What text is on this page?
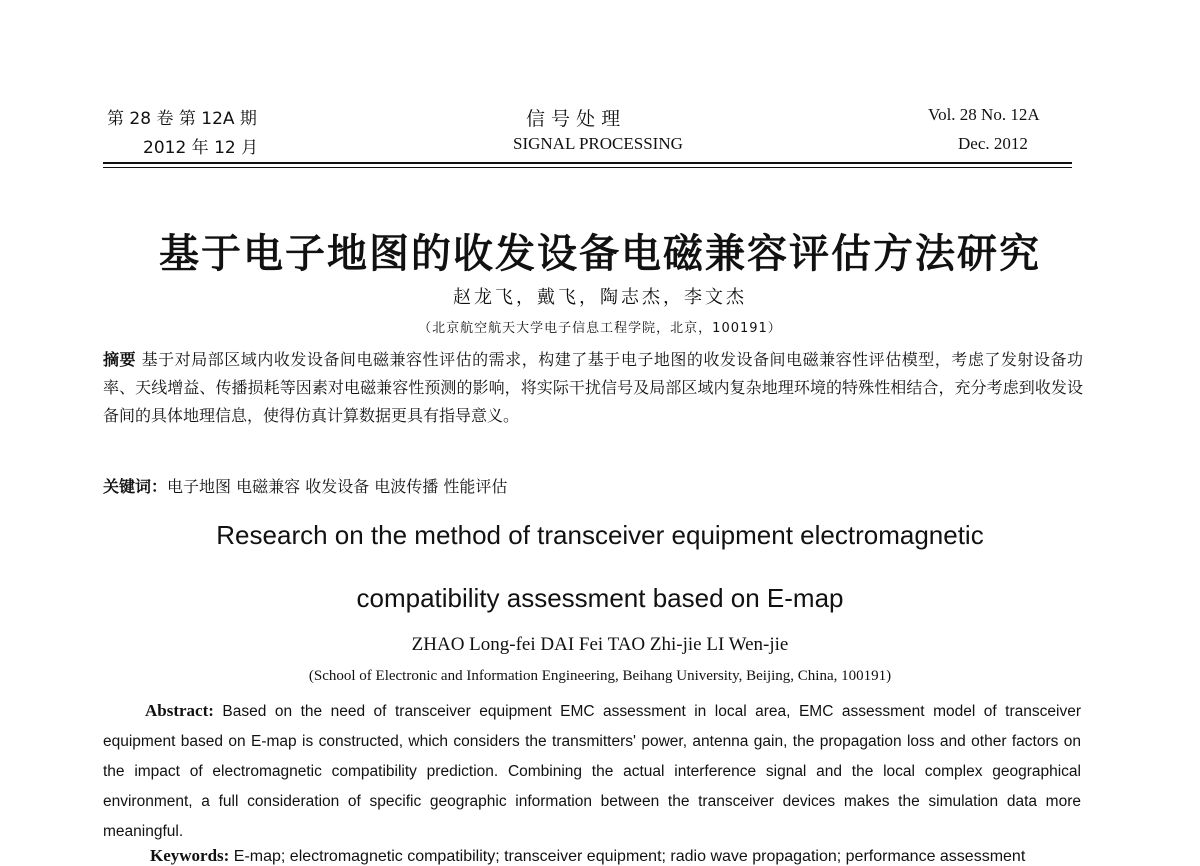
第 28 卷 第 12A 期
2012 年 12 月
信 号 处 理
SIGNAL PROCESSING
Vol. 28 No. 12A
Dec. 2012
基于电子地图的收发设备电磁兼容评估方法研究
赵龙飞，戴飞，陶志杰，李文杰
（北京航空航天大学电子信息工程学院，北京，100191）
摘要 基于对局部区域内收发设备间电磁兼容性评估的需求，构建了基于电子地图的收发设备间电磁兼容性评估模型，考虑了发射设备功率、天线增益、传播损耗等因素对电磁兼容性预测的影响，将实际干扰信号及局部区域内复杂地理环境的特殊性相结合，充分考虑到收发设备间的具体地理信息，使得仿真计算数据更具有指导意义。
关键词：电子地图 电磁兼容 收发设备 电波传播 性能评估
Research on the method of transceiver equipment electromagnetic
compatibility assessment based on E-map
ZHAO Long-fei DAI Fei TAO Zhi-jie LI Wen-jie
(School of Electronic and Information Engineering, Beihang University, Beijing, China, 100191)
Abstract: Based on the need of transceiver equipment EMC assessment in local area, EMC assessment model of transceiver equipment based on E-map is constructed, which considers the transmitters' power, antenna gain, the propagation loss and other factors on the impact of electromagnetic compatibility prediction. Combining the actual interference signal and the local complex geographical environment, a full consideration of specific geographic information between the transceiver devices makes the simulation data more meaningful.
Keywords: E-map; electromagnetic compatibility; transceiver equipment; radio wave propagation; performance assessment
